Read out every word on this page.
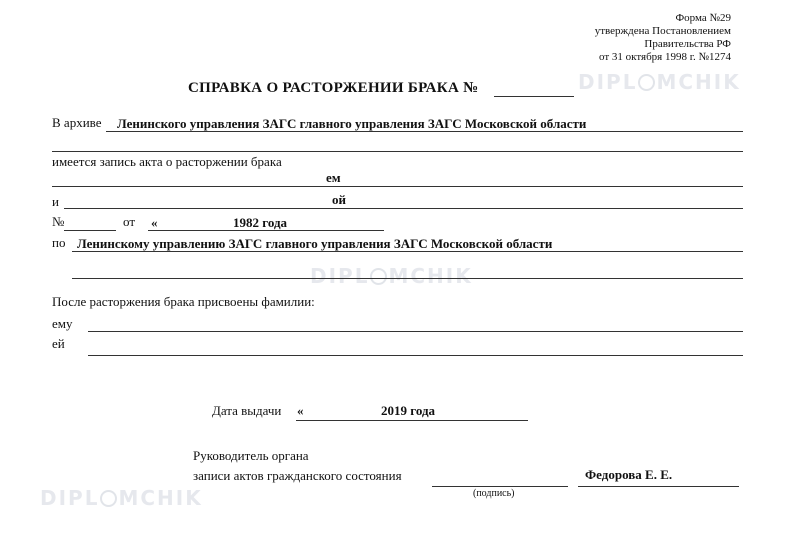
DIPL MCHIK
DIPL MCHIK
DIPL MCHIK
Форма №29
утверждена Постановлением
Правительства РФ
от 31 октября 1998 г. №1274
СПРАВКА О РАСТОРЖЕНИИ БРАКА №
В архиве Ленинского управления ЗАГС главного управления ЗАГС Московской области
имеется запись акта о расторжении брака
ем
и	ой
№	от «	1982 года
по Ленинскому управлению ЗАГС главного управления ЗАГС Московской области
После расторжения брака присвоены фамилии:
ему
ей
Дата выдачи «	2019 года
Руководитель органа
записи актов гражданского состояния
(подпись)
Федорова Е. Е.
